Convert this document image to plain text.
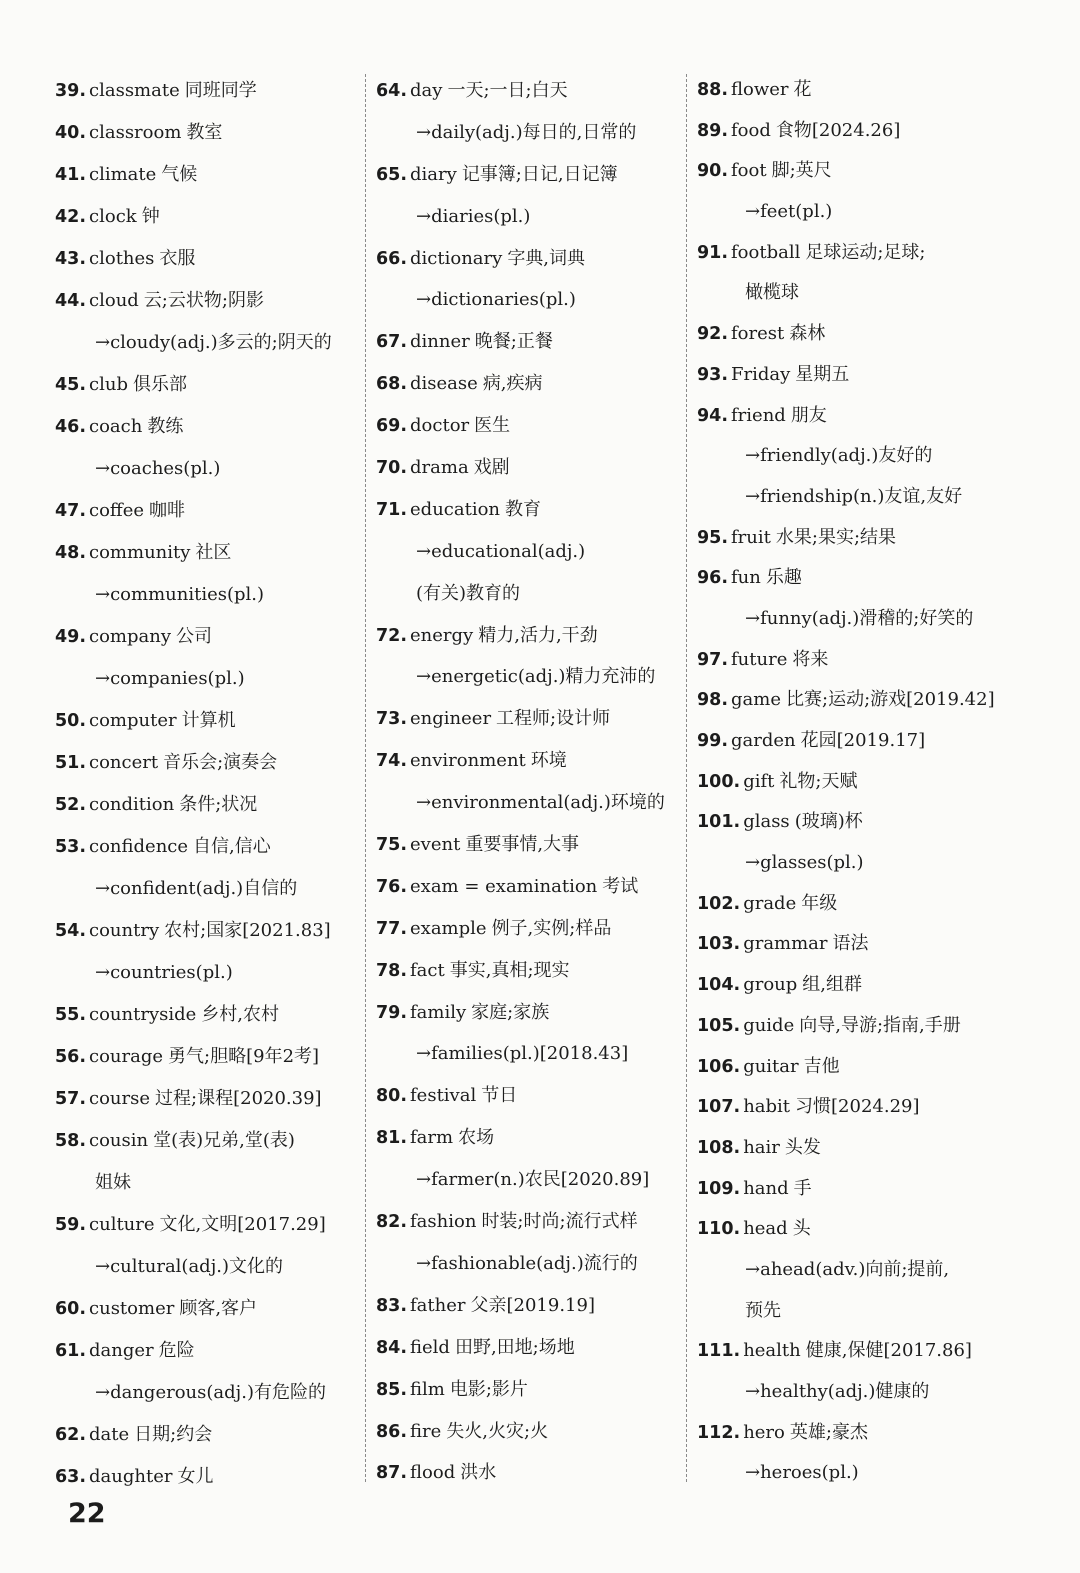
39. classmate 同班同学
40. classroom 教室
41. climate 气候
42. clock 钟
43. clothes 衣服
44. cloud 云;云状物;阴影
→cloudy(adj.)多云的;阴天的
45. club 俱乐部
46. coach 教练
→coaches(pl.)
47. coffee 咖啡
48. community 社区
→communities(pl.)
49. company 公司
→companies(pl.)
50. computer 计算机
51. concert 音乐会;演奏会
52. condition 条件;状况
53. confidence 自信,信心
→confident(adj.)自信的
54. country 农村;国家[2021.83]
→countries(pl.)
55. countryside 乡村,农村
56. courage 勇气;胆略[9年2考]
57. course 过程;课程[2020.39]
58. cousin 堂(表)兄弟,堂(表)
姐妹
59. culture 文化,文明[2017.29]
→cultural(adj.)文化的
60. customer 顾客,客户
61. danger 危险
→dangerous(adj.)有危险的
62. date 日期;约会
63. daughter 女儿
64. day 一天;一日;白天
→daily(adj.)每日的,日常的
65. diary 记事簿;日记,日记簿
→diaries(pl.)
66. dictionary 字典,词典
→dictionaries(pl.)
67. dinner 晚餐;正餐
68. disease 病,疾病
69. doctor 医生
70. drama 戏剧
71. education 教育
→educational(adj.)
(有关)教育的
72. energy 精力,活力,干劲
→energetic(adj.)精力充沛的
73. engineer 工程师;设计师
74. environment 环境
→environmental(adj.)环境的
75. event 重要事情,大事
76. exam = examination 考试
77. example 例子,实例;样品
78. fact 事实,真相;现实
79. family 家庭;家族
→families(pl.)[2018.43]
80. festival 节日
81. farm 农场
→farmer(n.)农民[2020.89]
82. fashion 时装;时尚;流行式样
→fashionable(adj.)流行的
83. father 父亲[2019.19]
84. field 田野,田地;场地
85. film 电影;影片
86. fire 失火,火灾;火
87. flood 洪水
88. flower 花
89. food 食物[2024.26]
90. foot 脚;英尺
→feet(pl.)
91. football 足球运动;足球;
橄榄球
92. forest 森林
93. Friday 星期五
94. friend 朋友
→friendly(adj.)友好的
→friendship(n.)友谊,友好
95. fruit 水果;果实;结果
96. fun 乐趣
→funny(adj.)滑稽的;好笑的
97. future 将来
98. game 比赛;运动;游戏[2019.42]
99. garden 花园[2019.17]
100. gift 礼物;天赋
101. glass (玻璃)杯
→glasses(pl.)
102. grade 年级
103. grammar 语法
104. group 组,组群
105. guide 向导,导游;指南,手册
106. guitar 吉他
107. habit 习惯[2024.29]
108. hair 头发
109. hand 手
110. head 头
→ahead(adv.)向前;提前,
预先
111. health 健康,保健[2017.86]
→healthy(adj.)健康的
112. hero 英雄;豪杰
→heroes(pl.)
22
